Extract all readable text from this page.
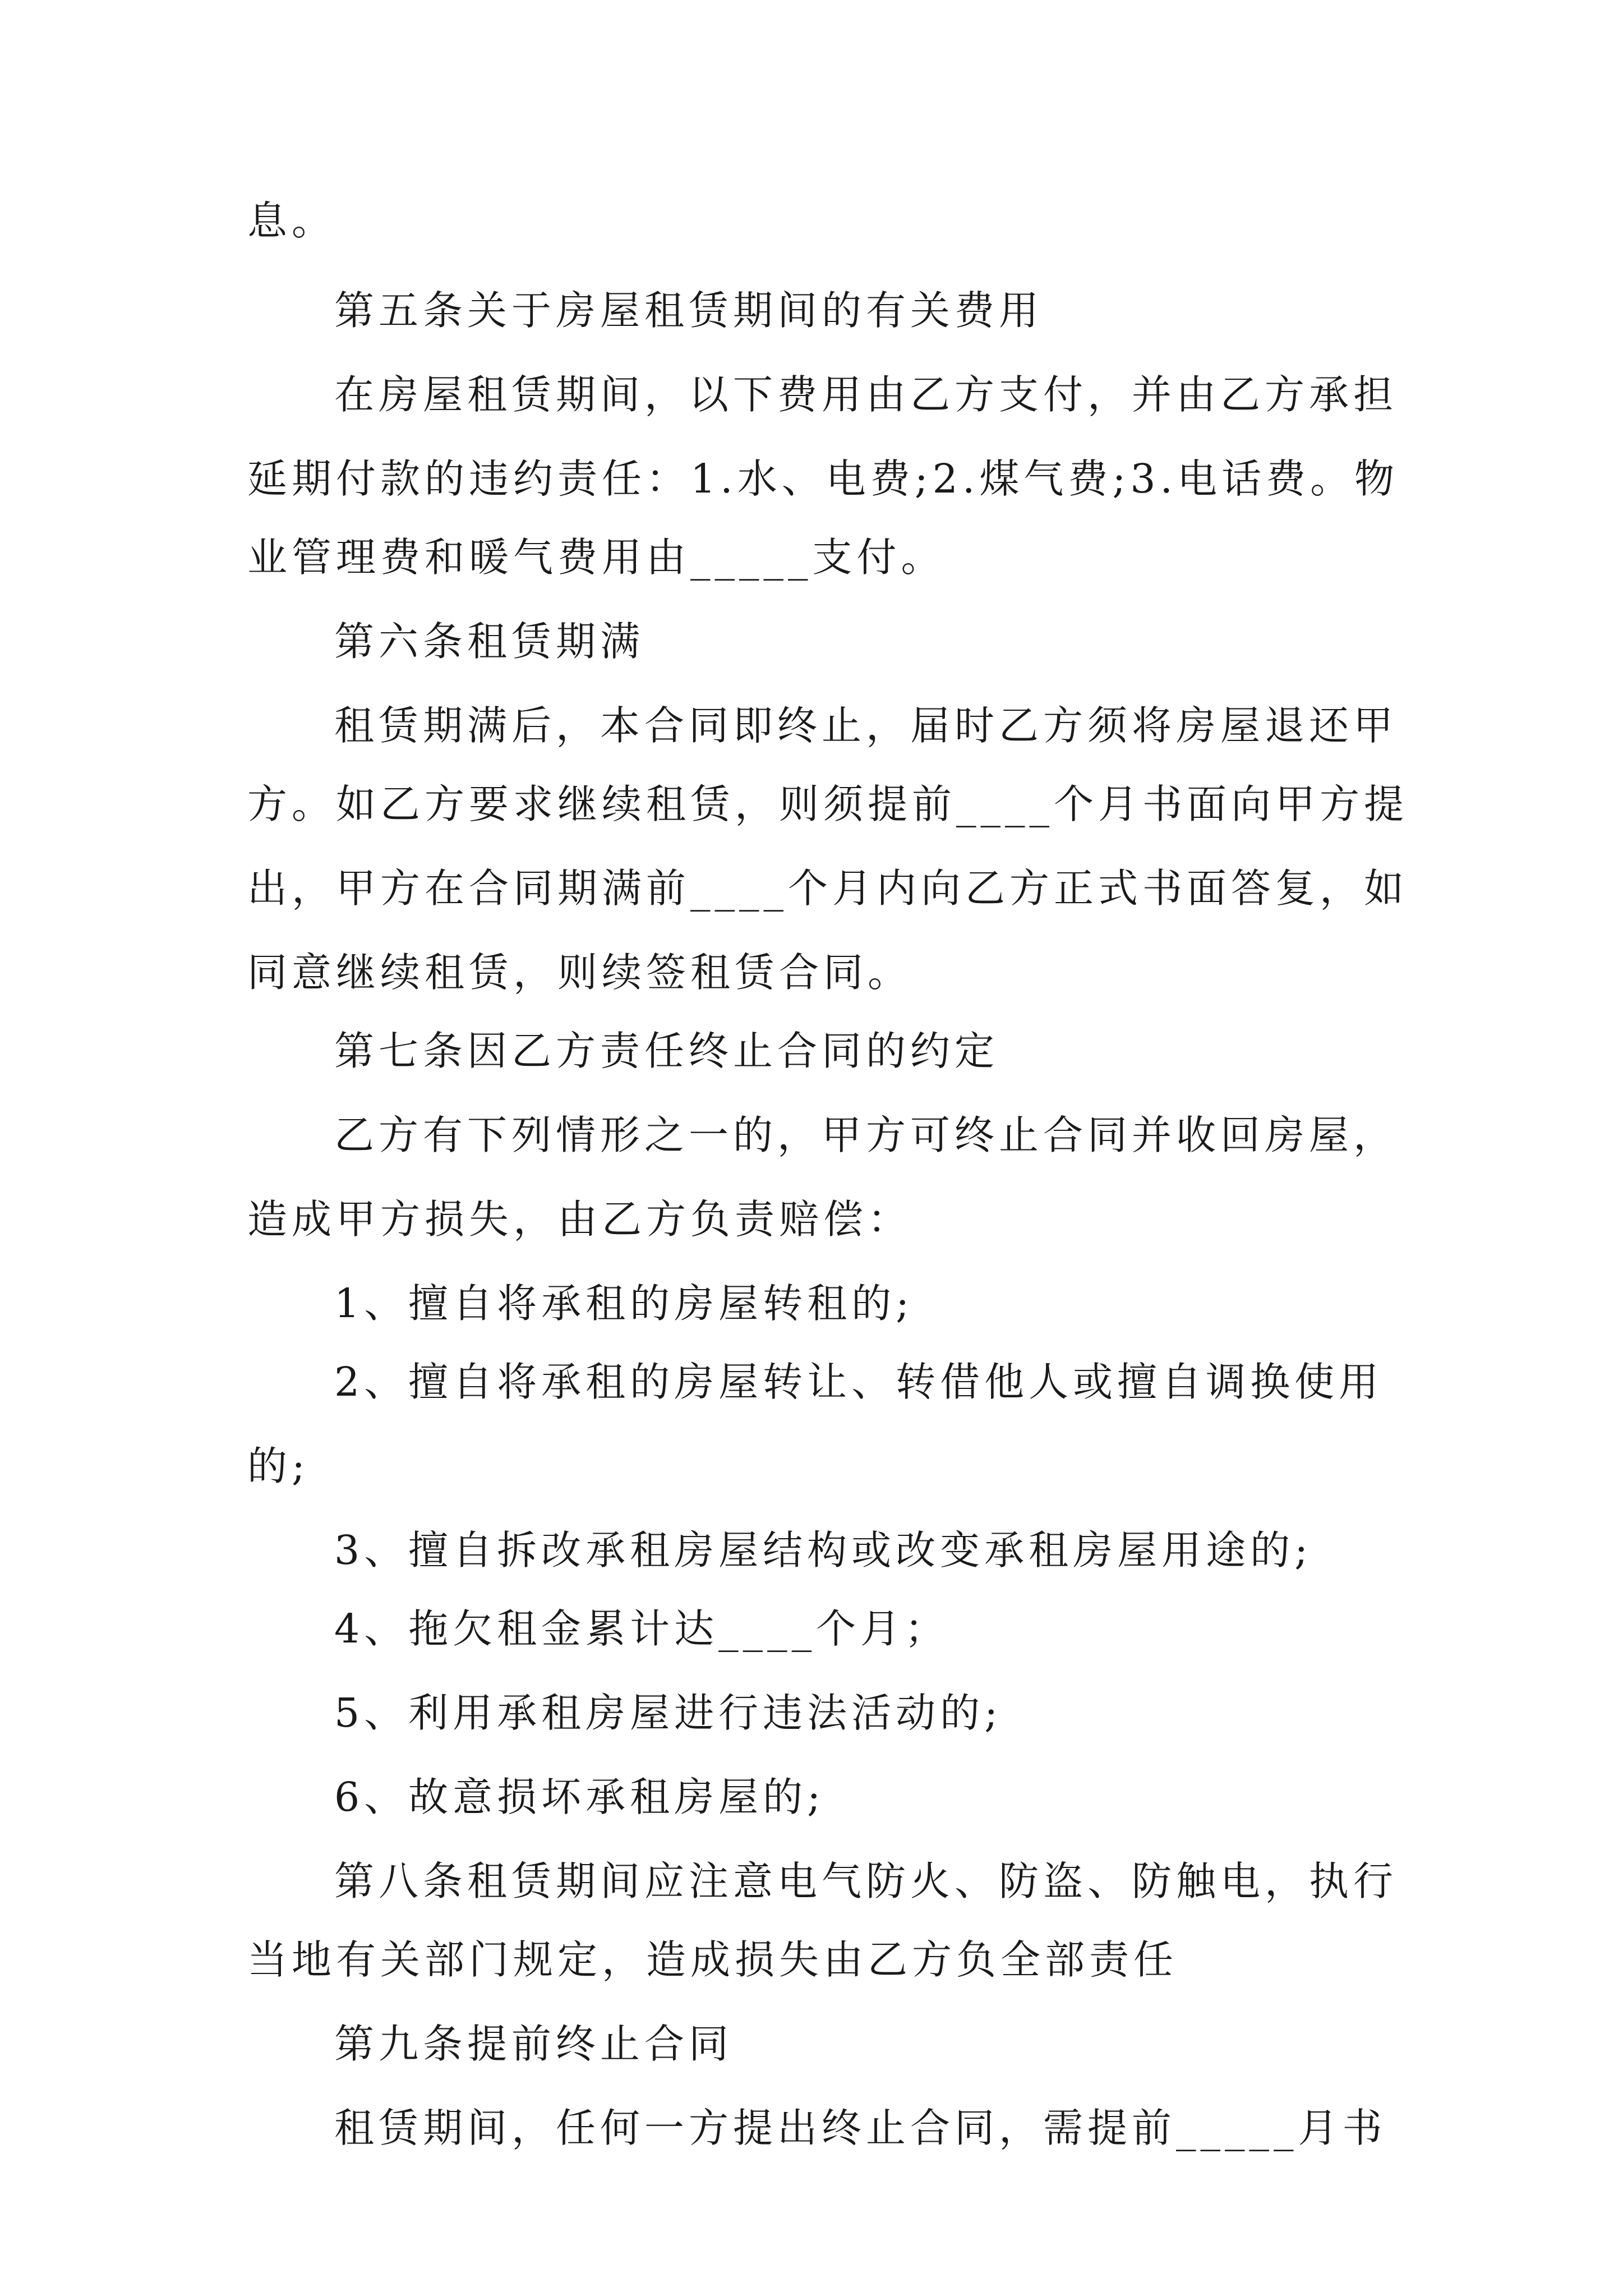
息。

第五条关于房屋租赁期间的有关费用

在房屋租赁期间，以下费用由乙方支付，并由乙方承担

延期付款的违约责任：1.水、电费;2.煤气费;3.电话费。物

业管理费和暖气费用由_____支付。

第六条租赁期满

租赁期满后，本合同即终止，届时乙方须将房屋退还甲

方。如乙方要求继续租赁，则须提前____个月书面向甲方提

出，甲方在合同期满前____个月内向乙方正式书面答复，如

同意继续租赁，则续签租赁合同。

第七条因乙方责任终止合同的约定

乙方有下列情形之一的，甲方可终止合同并收回房屋，

造成甲方损失，由乙方负责赔偿：

1、擅自将承租的房屋转租的;

2、擅自将承租的房屋转让、转借他人或擅自调换使用

的;

3、擅自拆改承租房屋结构或改变承租房屋用途的;

4、拖欠租金累计达____个月；

5、利用承租房屋进行违法活动的;

6、故意损坏承租房屋的;

第八条租赁期间应注意电气防火、防盗、防触电，执行

当地有关部门规定，造成损失由乙方负全部责任

第九条提前终止合同

租赁期间，任何一方提出终止合同，需提前_____月书
